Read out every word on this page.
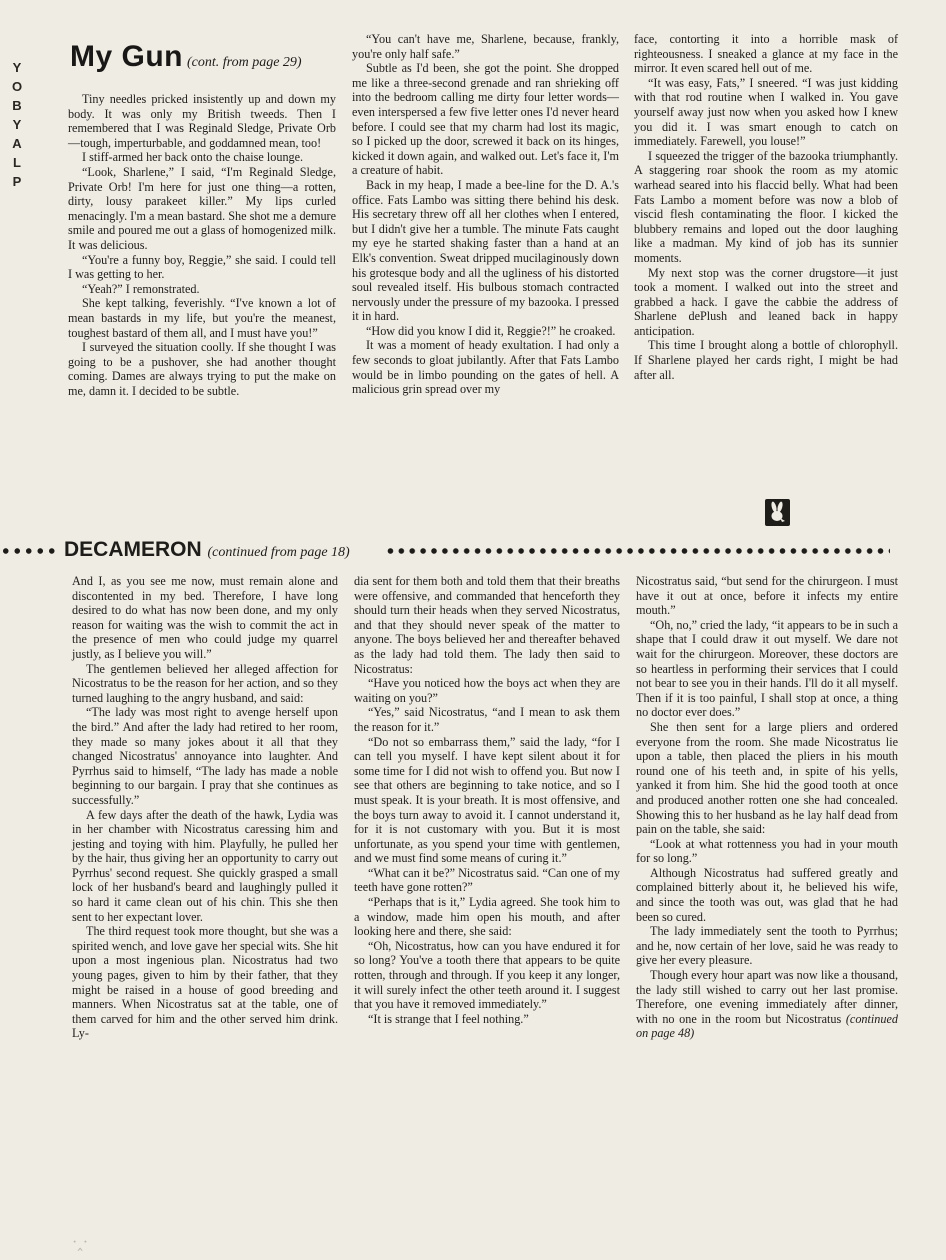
Y
O
B
Y
A
L
P
My Gun (cont. from page 29)

Tiny needles pricked insistently up and down my body. It was only my British tweeds. Then I remembered that I was Reginald Sledge, Private Orb—tough, imperturbable, and goddamned mean, too!

I stiff-armed her back onto the chaise lounge.

“Look, Sharlene,” I said, “I'm Reginald Sledge, Private Orb! I'm here for just one thing—a rotten, dirty, lousy parakeet killer.” My lips curled menacingly. I'm a mean bastard. She shot me a demure smile and poured me out a glass of homogenized milk. It was delicious.

“You're a funny boy, Reggie,” she said. I could tell I was getting to her.

“Yeah?” I remonstrated.

She kept talking, feverishly. “I've known a lot of mean bastards in my life, but you're the meanest, toughest bastard of them all, and I must have you!”

I surveyed the situation coolly. If she thought I was going to be a pushover, she had another thought coming. Dames are always trying to put the make on me, damn it. I decided to be subtle.

“You can't have me, Sharlene, because, frankly, you're only half safe.”

Subtle as I'd been, she got the point. She dropped me like a three-second grenade and ran shrieking off into the bedroom calling me dirty four letter words—even interspersed a few five letter ones I'd never heard before. I could see that my charm had lost its magic, so I picked up the door, screwed it back on its hinges, kicked it down again, and walked out. Let's face it, I'm a creature of habit.

Back in my heap, I made a bee-line for the D. A.'s office. Fats Lambo was sitting there behind his desk. His secretary threw off all her clothes when I entered, but I didn't give her a tumble. The minute Fats caught my eye he started shaking faster than a hand at an Elk's convention. Sweat dripped mucilaginously down his grotesque body and all the ugliness of his distorted soul revealed itself. His bulbous stomach contracted nervously under the pressure of my bazooka. I pressed it in hard.

“How did you know I did it, Reggie?!” he croaked.

It was a moment of heady exultation. I had only a few seconds to gloat jubilantly. After that Fats Lambo would be in limbo pounding on the gates of hell. A malicious grin spread over my

face, contorting it into a horrible mask of righteousness. I sneaked a glance at my face in the mirror. It even scared hell out of me.

“It was easy, Fats,” I sneered. “I was just kidding with that rod routine when I walked in. You gave yourself away just now when you asked how I knew you did it. I was smart enough to catch on immediately. Farewell, you louse!”

I squeezed the trigger of the bazooka triumphantly. A staggering roar shook the room as my atomic warhead seared into his flaccid belly. What had been Fats Lambo a moment before was now a blob of viscid flesh contaminating the floor. I kicked the blubbery remains and loped out the door laughing like a madman. My kind of job has its sunnier moments.

My next stop was the corner drugstore—it just took a moment. I walked out into the street and grabbed a hack. I gave the cabbie the address of Sharlene dePlush and leaned back in happy anticipation.

This time I brought along a bottle of chlorophyll. If Sharlene played her cards right, I might be had after all.

DECAMERON (continued from page 18)

And I, as you see me now, must remain alone and discontented in my bed. Therefore, I have long desired to do what has now been done, and my only reason for waiting was the wish to commit the act in the presence of men who could judge my quarrel justly, as I believe you will.”

The gentlemen believed her alleged affection for Nicostratus to be the reason for her action, and so they turned laughing to the angry husband, and said:

“The lady was most right to avenge herself upon the bird.” And after the lady had retired to her room, they made so many jokes about it all that they changed Nicostratus' annoyance into laughter. And Pyrrhus said to himself, “The lady has made a noble beginning to our bargain. I pray that she continues as successfully.”

A few days after the death of the hawk, Lydia was in her chamber with Nicostratus caressing him and jesting and toying with him. Playfully, he pulled her by the hair, thus giving her an opportunity to carry out Pyrrhus' second request. She quickly grasped a small lock of her husband's beard and laughingly pulled it so hard it came clean out of his chin. This she then sent to her expectant lover.

The third request took more thought, but she was a spirited wench, and love gave her special wits. She hit upon a most ingenious plan. Nicostratus had two young pages, given to him by their father, that they might be raised in a house of good breeding and manners. When Nicostratus sat at the table, one of them carved for him and the other served him drink. Ly-

dia sent for them both and told them that their breaths were offensive, and commanded that henceforth they should turn their heads when they served Nicostratus, and that they should never speak of the matter to anyone. The boys believed her and thereafter behaved as the lady had told them. The lady then said to Nicostratus:

“Have you noticed how the boys act when they are waiting on you?”

“Yes,” said Nicostratus, “and I mean to ask them the reason for it.”

“Do not so embarrass them,” said the lady, “for I can tell you myself. I have kept silent about it for some time for I did not wish to offend you. But now I see that others are beginning to take notice, and so I must speak. It is your breath. It is most offensive, and the boys turn away to avoid it. I cannot understand it, for it is not customary with you. But it is most unfortunate, as you spend your time with gentlemen, and we must find some means of curing it.”

“What can it be?” Nicostratus said. “Can one of my teeth have gone rotten?”

“Perhaps that is it,” Lydia agreed. She took him to a window, made him open his mouth, and after looking here and there, she said:

“Oh, Nicostratus, how can you have endured it for so long? You've a tooth there that appears to be quite rotten, through and through. If you keep it any longer, it will surely infect the other teeth around it. I suggest that you have it removed immediately.”

“It is strange that I feel nothing.”

Nicostratus said, “but send for the chirurgeon. I must have it out at once, before it infects my entire mouth.”

“Oh, no,” cried the lady, “it appears to be in such a shape that I could draw it out myself. We dare not wait for the chirurgeon. Moreover, these doctors are so heartless in performing their services that I could not bear to see you in their hands. I'll do it all myself. Then if it is too painful, I shall stop at once, a thing no doctor ever does.”

She then sent for a large pliers and ordered everyone from the room. She made Nicostratus lie upon a table, then placed the pliers in his mouth round one of his teeth and, in spite of his yells, yanked it from him. She hid the good tooth at once and produced another rotten one she had concealed. Showing this to her husband as he lay half dead from pain on the table, she said:

“Look at what rottenness you had in your mouth for so long.”

Although Nicostratus had suffered greatly and complained bitterly about it, he believed his wife, and since the tooth was out, was glad that he had been so cured.

The lady immediately sent the tooth to Pyrrhus; and he, now certain of her love, said he was ready to give her every pleasure.

Though every hour apart was now like a thousand, the lady still wished to carry out her last promise. Therefore, one evening immediately after dinner, with no one in the room but Nicostratus (continued on page 48)

·‸·
